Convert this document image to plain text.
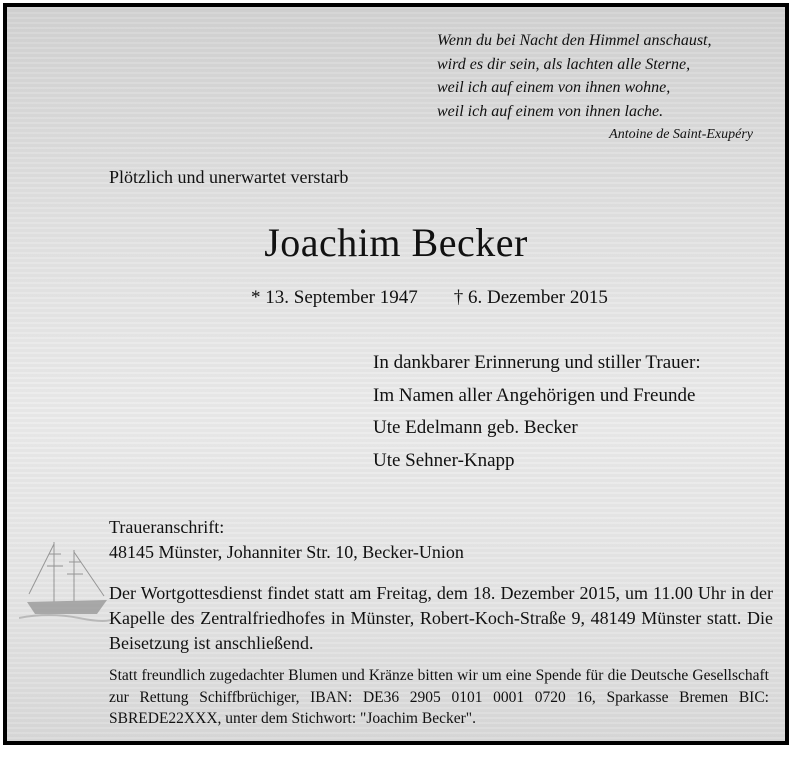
Wenn du bei Nacht den Himmel anschaust,
wird es dir sein, als lachten alle Sterne,
weil ich auf einem von ihnen wohne,
weil ich auf einem von ihnen lache.
Antoine de Saint-Exupéry
Plötzlich und unerwartet verstarb
Joachim Becker
* 13. September 1947 † 6. Dezember 2015
In dankbarer Erinnerung und stiller Trauer:
Im Namen aller Angehörigen und Freunde
Ute Edelmann geb. Becker
Ute Sehner-Knapp
Traueranschrift:
48145 Münster, Johanniter Str. 10, Becker-Union
Der Wortgottesdienst findet statt am Freitag, dem 18. Dezember 2015, um 11.00 Uhr in der Kapelle des Zentralfriedhofes in Münster, Robert-Koch-Straße 9, 48149 Münster statt. Die Beisetzung ist anschließend.
Statt freundlich zugedachter Blumen und Kränze bitten wir um eine Spende für die Deutsche Gesellschaft zur Rettung Schiffbrüchiger, IBAN: DE36 2905 0101 0001 0720 16, Sparkasse Bremen BIC: SBREDE22XXX, unter dem Stichwort: "Joachim Becker".
